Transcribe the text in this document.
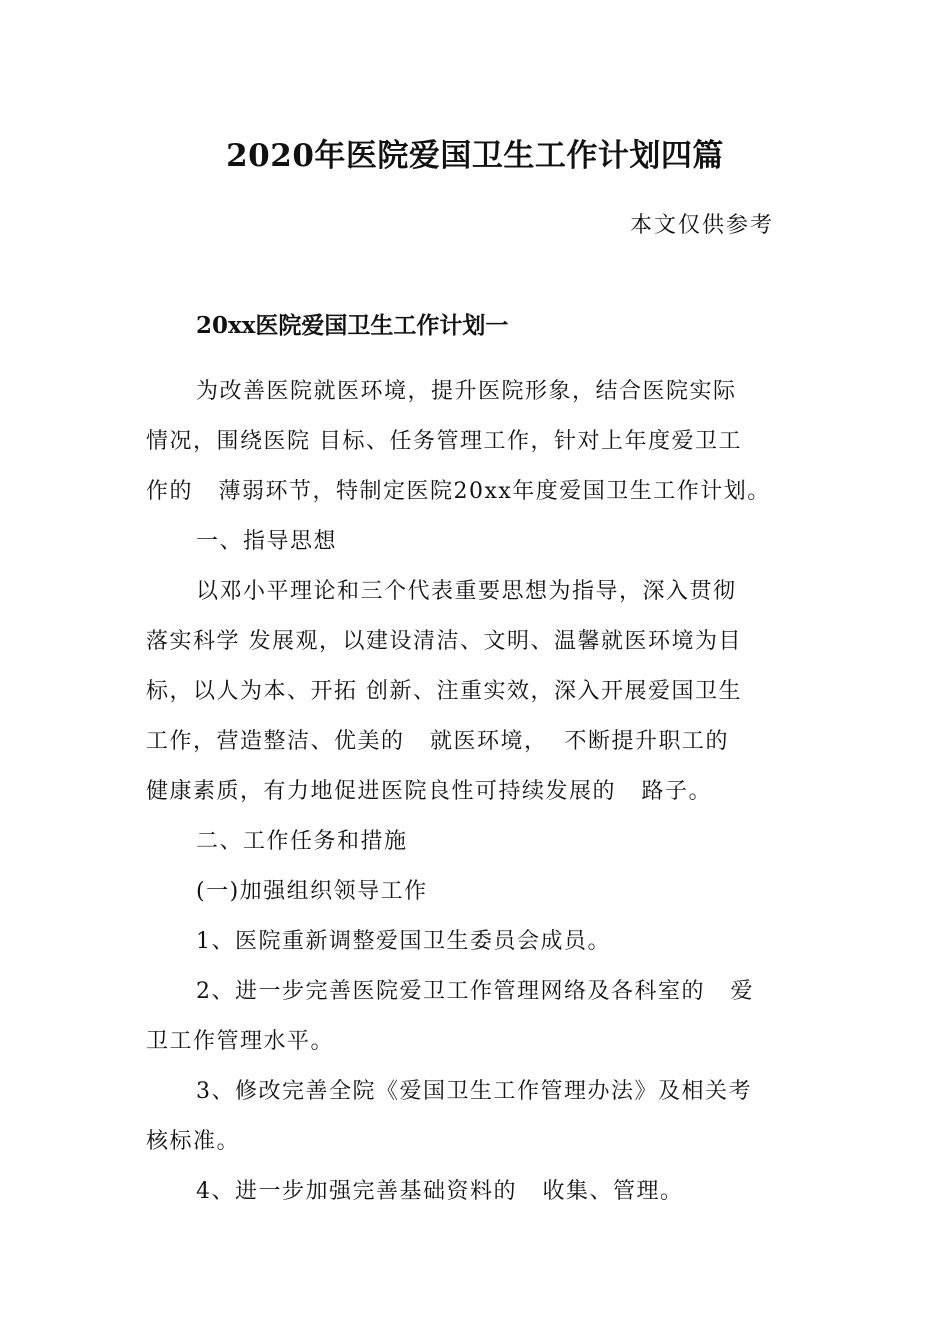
2020年医院爱国卫生工作计划四篇

本文仅供参考

20xx医院爱国卫生工作计划一

为改善医院就医环境，提升医院形象，结合医院实际

情况，围绕医院 目标、任务管理工作，针对上年度爱卫工

作的   薄弱环节，特制定医院20xx年度爱国卫生工作计划。

一、指导思想

以邓小平理论和三个代表重要思想为指导，深入贯彻

落实科学 发展观，以建设清洁、文明、温馨就医环境为目

标，以人为本、开拓 创新、注重实效，深入开展爱国卫生

工作，营造整洁、优美的   就医环境，  不断提升职工的

健康素质，有力地促进医院良性可持续发展的   路子。

二、工作任务和措施

(一)加强组织领导工作

1、医院重新调整爱国卫生委员会成员。

2、进一步完善医院爱卫工作管理网络及各科室的   爱

卫工作管理水平。

3、修改完善全院《爱国卫生工作管理办法》及相关考

核标准。

4、进一步加强完善基础资料的   收集、管理。
